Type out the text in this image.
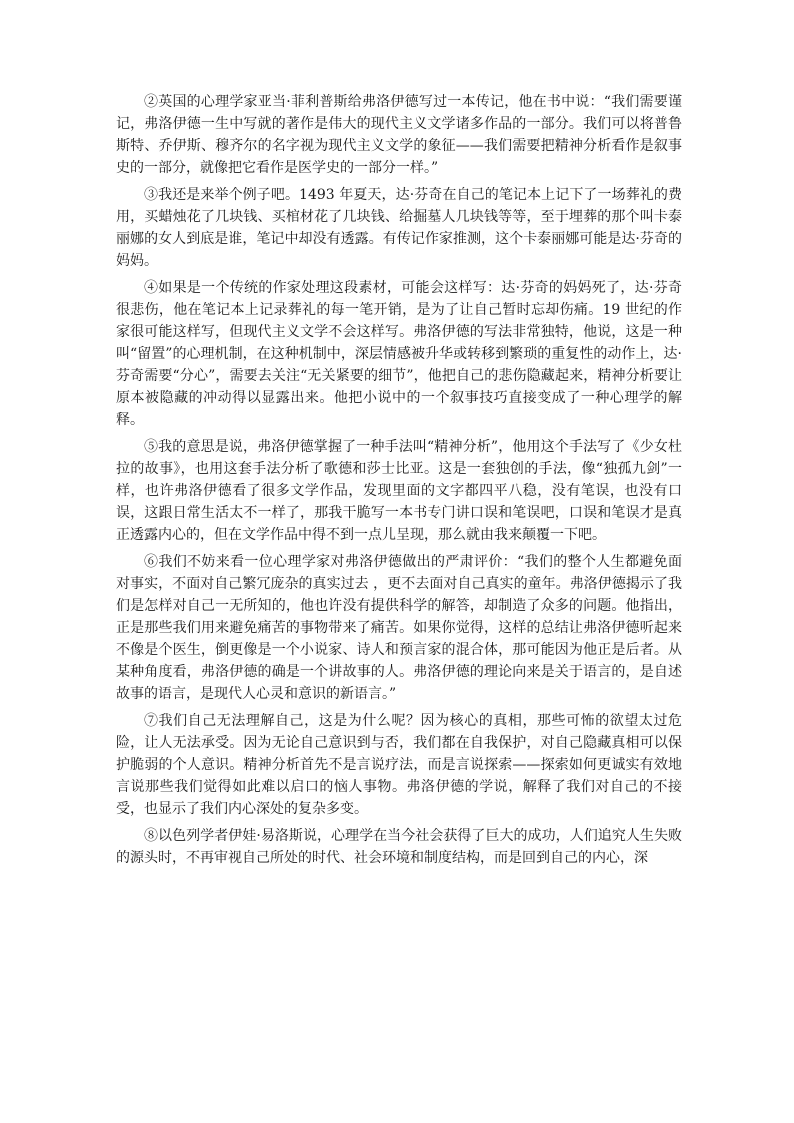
②英国的心理学家亚当·菲利普斯给弗洛伊德写过一本传记，他在书中说：“我们需要谨记，弗洛伊德一生中写就的著作是伟大的现代主义文学诸多作品的一部分。我们可以将普鲁斯特、乔伊斯、穆齐尔的名字视为现代主义文学的象征——我们需要把精神分析看作是叙事史的一部分，就像把它看作是医学史的一部分一样。”

③我还是来举个例子吧。1493 年夏天，达·芬奇在自己的笔记本上记下了一场葬礼的费用，买蜡烛花了几块钱、买棺材花了几块钱、给掘墓人几块钱等等，至于埋葬的那个叫卡泰丽娜的女人到底是谁，笔记中却没有透露。有传记作家推测，这个卡泰丽娜可能是达·芬奇的妈妈。

④如果是一个传统的作家处理这段素材，可能会这样写：达·芬奇的妈妈死了，达·芬奇很悲伤，他在笔记本上记录葬礼的每一笔开销，是为了让自己暂时忘却伤痛。19 世纪的作家很可能这样写，但现代主义文学不会这样写。弗洛伊德的写法非常独特，他说，这是一种叫“留置”的心理机制，在这种机制中，深层情感被升华或转移到繁琐的重复性的动作上，达·芬奇需要“分心”，需要去关注“无关紧要的细节”，他把自己的悲伤隐藏起来，精神分析要让原本被隐藏的冲动得以显露出来。他把小说中的一个叙事技巧直接变成了一种心理学的解释。

⑤我的意思是说，弗洛伊德掌握了一种手法叫“精神分析”，他用这个手法写了《少女杜拉的故事》，也用这套手法分析了歌德和莎士比亚。这是一套独创的手法，像“独孤九剑”一样，也许弗洛伊德看了很多文学作品，发现里面的文字都四平八稳，没有笔误，也没有口误，这跟日常生活太不一样了，那我干脆写一本书专门讲口误和笔误吧，口误和笔误才是真正透露内心的，但在文学作品中得不到一点儿呈现，那么就由我来颠覆一下吧。

⑥我们不妨来看一位心理学家对弗洛伊德做出的严肃评价：“我们的整个人生都避免面对事实，不面对自己繁冗庞杂的真实过去 ，更不去面对自己真实的童年。弗洛伊德揭示了我们是怎样对自己一无所知的，他也许没有提供科学的解答，却制造了众多的问题。他指出，正是那些我们用来避免痛苦的事物带来了痛苦。如果你觉得，这样的总结让弗洛伊德听起来不像是个医生，倒更像是一个小说家、诗人和预言家的混合体，那可能因为他正是后者。从某种角度看，弗洛伊德的确是一个讲故事的人。弗洛伊德的理论向来是关于语言的，是自述故事的语言，是现代人心灵和意识的新语言。”

⑦我们自己无法理解自己，这是为什么呢？因为核心的真相，那些可怖的欲望太过危险，让人无法承受。因为无论自己意识到与否，我们都在自我保护，对自己隐藏真相可以保护脆弱的个人意识。精神分析首先不是言说疗法，而是言说探索——探索如何更诚实有效地言说那些我们觉得如此难以启口的恼人事物。弗洛伊德的学说，解释了我们对自己的不接受，也显示了我们内心深处的复杂多变。

⑧以色列学者伊娃·易洛斯说，心理学在当今社会获得了巨大的成功，人们追究人生失败的源头时，不再审视自己所处的时代、社会环境和制度结构，而是回到自己的内心，深
